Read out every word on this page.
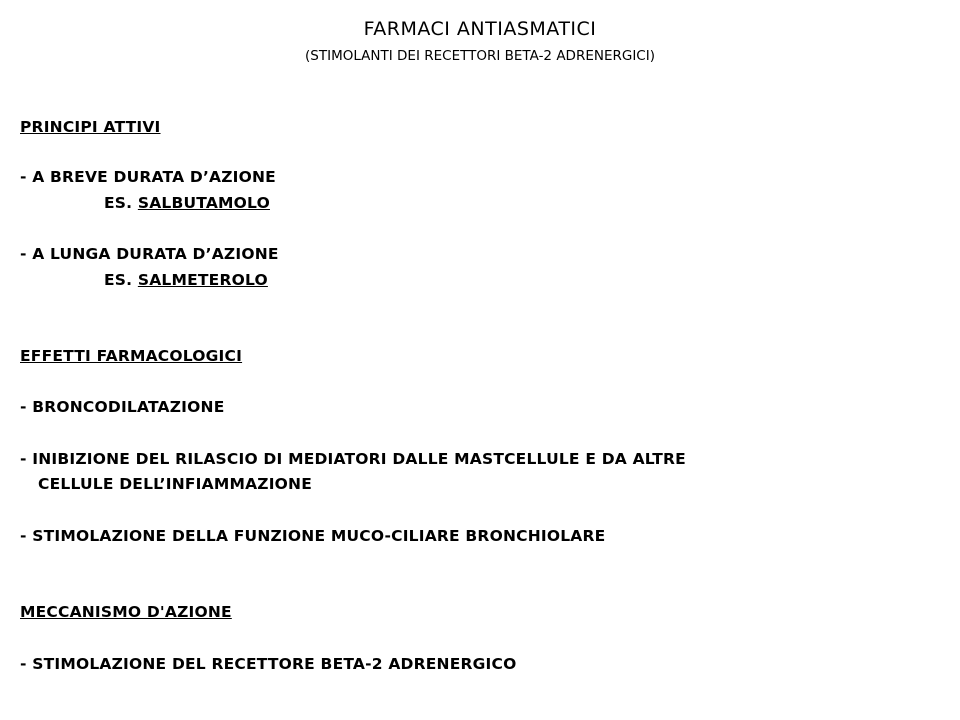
FARMACI ANTIASMATICI
(STIMOLANTI DEI RECETTORI BETA-2 ADRENERGICI)
PRINCIPI ATTIVI
- A BREVE DURATA D’AZIONE
ES. SALBUTAMOLO
- A LUNGA DURATA D’AZIONE
ES. SALMETEROLO
EFFETTI FARMACOLOGICI
- BRONCODILATAZIONE
- INIBIZIONE DEL RILASCIO DI MEDIATORI DALLE MASTCELLULE E DA ALTRE
CELLULE DELL’INFIAMMAZIONE
- STIMOLAZIONE DELLA FUNZIONE MUCO-CILIARE BRONCHIOLARE
MECCANISMO D'AZIONE
- STIMOLAZIONE DEL RECETTORE BETA-2 ADRENERGICO
